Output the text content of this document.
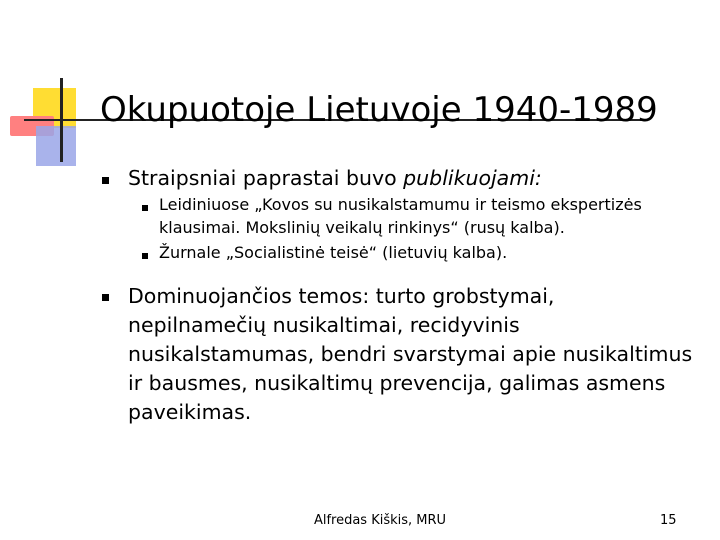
Okupuotoje Lietuvoje 1940-1989
Straipsniai paprastai buvo publikuojami:
Leidiniuose „Kovos su nusikalstamumu ir teismo ekspertizės
klausimai. Mokslinių veikalų rinkinys“ (rusų kalba).
Žurnale „Socialistinė teisė“ (lietuvių kalba).
Dominuojančios temos: turto grobstymai,
nepilnamečių nusikaltimai, recidyvinis
nusikalstamumas, bendri svarstymai apie nusikaltimus
ir bausmes, nusikaltimų prevencija, galimas asmens
paveikimas.
Alfredas Kiškis, MRU	15
